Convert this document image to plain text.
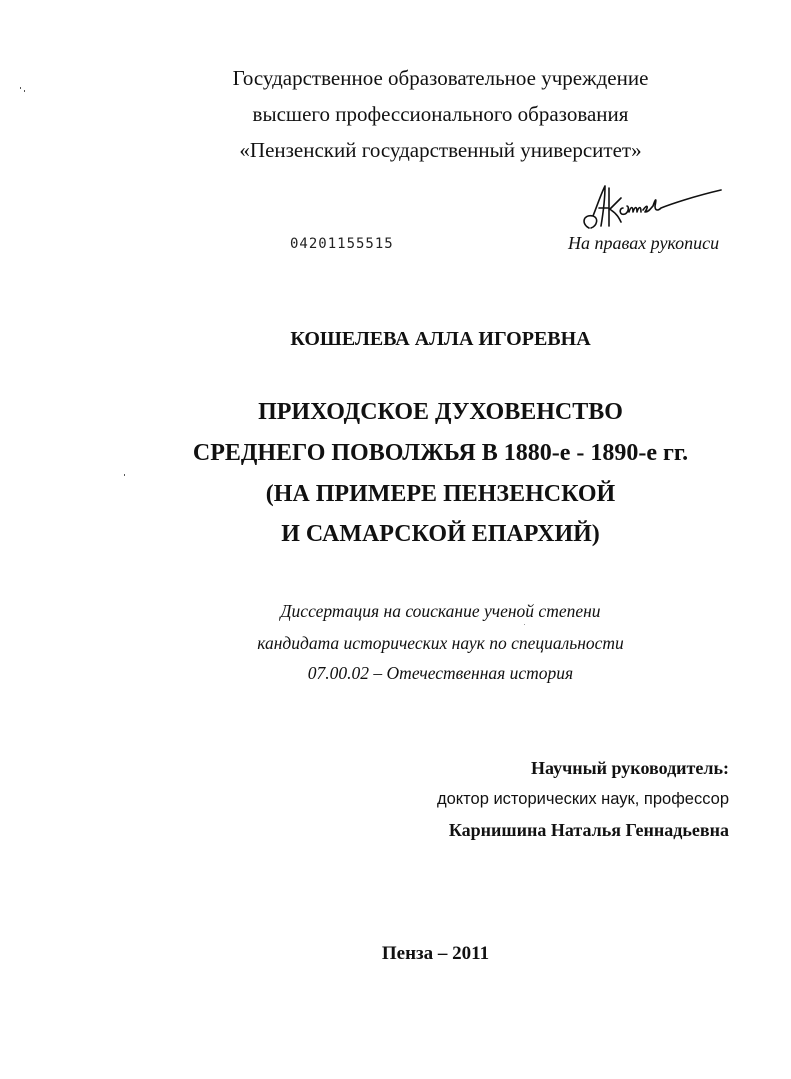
Государственное образовательное учреждение
высшего профессионального образования
«Пензенский государственный университет»
04201155515	На правах рукописи
КОШЕЛЕВА АЛЛА ИГОРЕВНА
ПРИХОДСКОЕ ДУХОВЕНСТВО
СРЕДНЕГО ПОВОЛЖЬЯ В 1880-е - 1890-е гг.
(НА ПРИМЕРЕ ПЕНЗЕНСКОЙ
И САМАРСКОЙ ЕПАРХИЙ)
Диссертация на соискание ученой степени
кандидата исторических наук по специальности
07.00.02 – Отечественная история
Научный руководитель:
доктор исторических наук, профессор
Карнишина Наталья Геннадьевна
Пенза – 2011
